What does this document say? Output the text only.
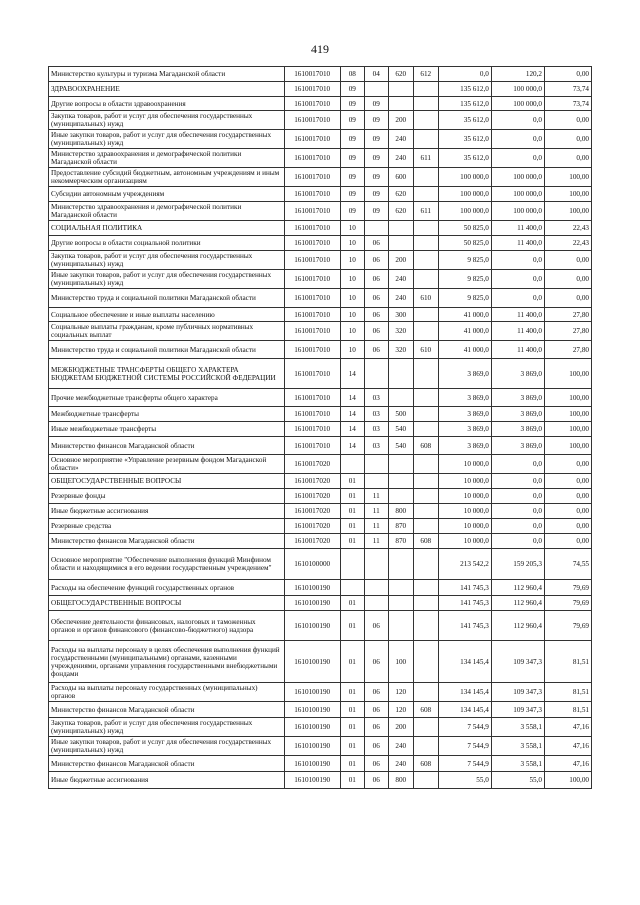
419
Министерство культуры и туризма Магаданской области	1610017010	08	04	620	612	0,0	120,2	0,00
ЗДРАВООХРАНЕНИЕ	1610017010	09				135 612,0	100 000,0	73,74
Другие вопросы в области здравоохранения	1610017010	09	09			135 612,0	100 000,0	73,74
Закупка товаров, работ и услуг для обеспечения государственных (муниципальных) нужд	1610017010	09	09	200		35 612,0	0,0	0,00
Иные закупки товаров, работ и услуг для обеспечения государственных (муниципальных) нужд	1610017010	09	09	240		35 612,0	0,0	0,00
Министерство здравоохранения и демографической политики Магаданской области	1610017010	09	09	240	611	35 612,0	0,0	0,00
Предоставление субсидий бюджетным, автономным учреждениям и иным некоммерческим организациям	1610017010	09	09	600		100 000,0	100 000,0	100,00
Субсидии автономным учреждениям	1610017010	09	09	620		100 000,0	100 000,0	100,00
Министерство здравоохранения и демографической политики Магаданской области	1610017010	09	09	620	611	100 000,0	100 000,0	100,00
СОЦИАЛЬНАЯ ПОЛИТИКА	1610017010	10				50 825,0	11 400,0	22,43
Другие вопросы в области социальной политики	1610017010	10	06			50 825,0	11 400,0	22,43
Закупка товаров, работ и услуг для обеспечения государственных (муниципальных) нужд	1610017010	10	06	200		9 825,0	0,0	0,00
Иные закупки товаров, работ и услуг для обеспечения государственных (муниципальных) нужд	1610017010	10	06	240		9 825,0	0,0	0,00
Министерство труда и социальной политики Магаданской области	1610017010	10	06	240	610	9 825,0	0,0	0,00
Социальное обеспечение и иные выплаты населению	1610017010	10	06	300		41 000,0	11 400,0	27,80
Социальные выплаты гражданам, кроме публичных нормативных социальных выплат	1610017010	10	06	320		41 000,0	11 400,0	27,80
Министерство труда и социальной политики Магаданской области	1610017010	10	06	320	610	41 000,0	11 400,0	27,80
МЕЖБЮДЖЕТНЫЕ ТРАНСФЕРТЫ ОБЩЕГО ХАРАКТЕРА БЮДЖЕТАМ БЮДЖЕТНОЙ СИСТЕМЫ РОССИЙСКОЙ ФЕДЕРАЦИИ	1610017010	14				3 869,0	3 869,0	100,00
Прочие межбюджетные трансферты общего характера	1610017010	14	03			3 869,0	3 869,0	100,00
Межбюджетные трансферты	1610017010	14	03	500		3 869,0	3 869,0	100,00
Иные межбюджетные трансферты	1610017010	14	03	540		3 869,0	3 869,0	100,00
Министерство финансов Магаданской области	1610017010	14	03	540	608	3 869,0	3 869,0	100,00
Основное мероприятие «Управление резервным фондом Магаданской области»	1610017020					10 000,0	0,0	0,00
ОБЩЕГОСУДАРСТВЕННЫЕ ВОПРОСЫ	1610017020	01				10 000,0	0,0	0,00
Резервные фонды	1610017020	01	11			10 000,0	0,0	0,00
Иные бюджетные ассигнования	1610017020	01	11	800		10 000,0	0,0	0,00
Резервные средства	1610017020	01	11	870		10 000,0	0,0	0,00
Министерство финансов Магаданской области	1610017020	01	11	870	608	10 000,0	0,0	0,00
Основное мероприятие "Обеспечение выполнения функций Минфином области и находящимися в его ведении государственным учреждением"	1610100000					213 542,2	159 205,3	74,55
Расходы на обеспечение функций государственных органов	1610100190					141 745,3	112 960,4	79,69
ОБЩЕГОСУДАРСТВЕННЫЕ ВОПРОСЫ	1610100190	01				141 745,3	112 960,4	79,69
Обеспечение деятельности финансовых, налоговых и таможенных органов и органов финансового (финансово-бюджетного) надзора	1610100190	01	06			141 745,3	112 960,4	79,69
Расходы на выплаты персоналу в целях обеспечения выполнения функций государственными (муниципальными) органами, казенными учреждениями, органами управления государственными внебюджетными фондами	1610100190	01	06	100		134 145,4	109 347,3	81,51
Расходы на выплаты персоналу государственных (муниципальных) органов	1610100190	01	06	120		134 145,4	109 347,3	81,51
Министерство финансов Магаданской области	1610100190	01	06	120	608	134 145,4	109 347,3	81,51
Закупка товаров, работ и услуг для обеспечения государственных (муниципальных) нужд	1610100190	01	06	200		7 544,9	3 558,1	47,16
Иные закупки товаров, работ и услуг для обеспечения государственных (муниципальных) нужд	1610100190	01	06	240		7 544,9	3 558,1	47,16
Министерство финансов Магаданской области	1610100190	01	06	240	608	7 544,9	3 558,1	47,16
Иные бюджетные ассигнования	1610100190	01	06	800		55,0	55,0	100,00
